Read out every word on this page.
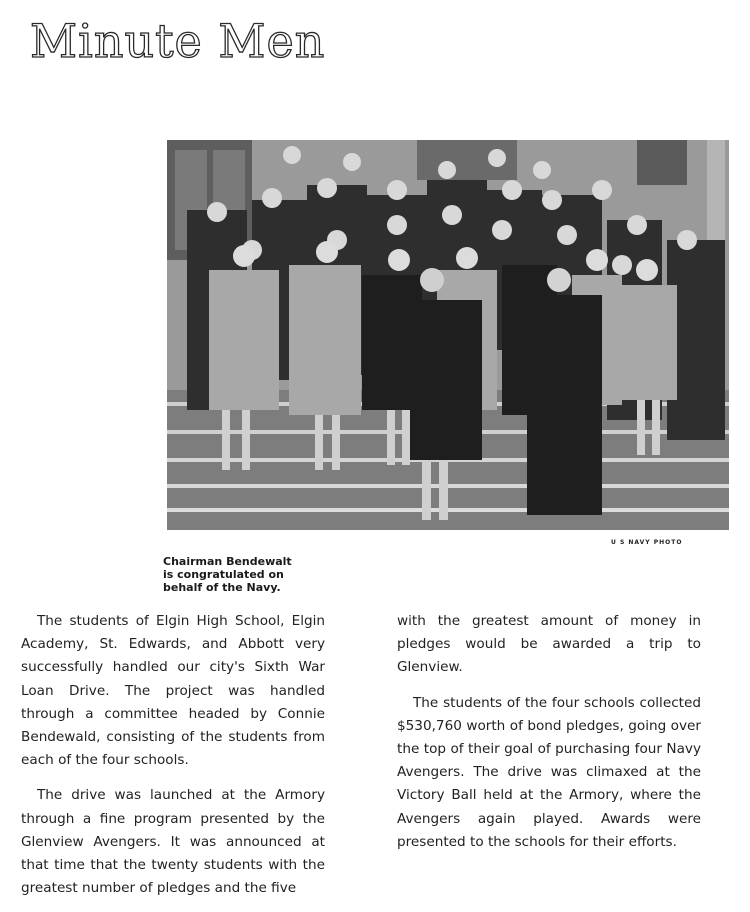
Minute Men
U S NAVY PHOTO
Chairman Bendewalt
is congratulated on
behalf of the Navy.

The students of Elgin High School, Elgin Academy, St. Edwards, and Abbott very successfully handled our city's Sixth War Loan Drive. The project was handled through a committee headed by Connie Bendewald, consisting of the students from each of the four schools.

The drive was launched at the Armory through a fine program presented by the Glenview Avengers. It was announced at that time that the twenty students with the greatest number of pledges and the five

with the greatest amount of money in pledges would be awarded a trip to Glenview.

The students of the four schools collected $530,760 worth of bond pledges, going over the top of their goal of purchasing four Navy Avengers. The drive was climaxed at the Victory Ball held at the Armory, where the Avengers again played. Awards were presented to the schools for their efforts.
